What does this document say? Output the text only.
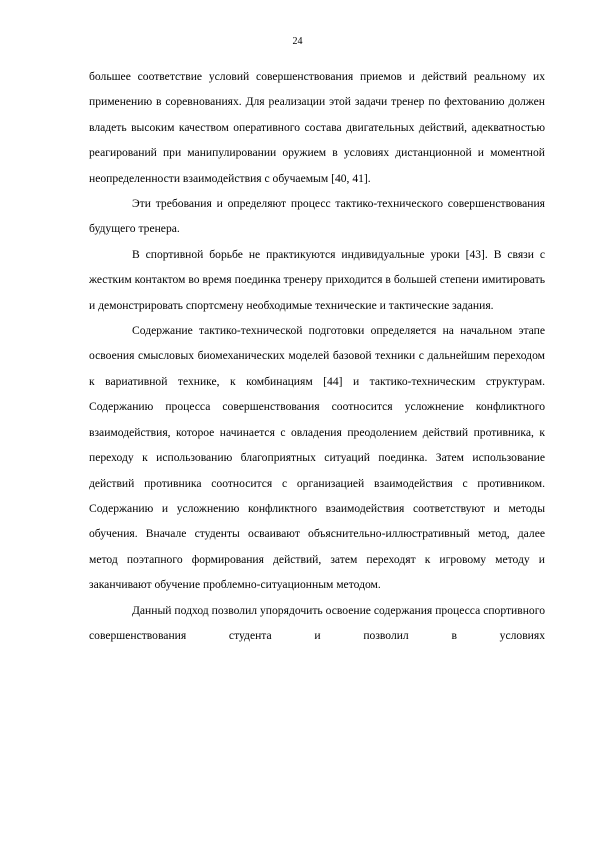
24

большее соответствие условий совершенствования приемов и действий реальному их применению в соревнованиях. Для реализации этой задачи тренер по фехтованию должен владеть высоким качеством оперативного состава двигательных действий, адекватностью реагирований при манипулировании оружием в условиях дистанционной и моментной неопределенности взаимодействия с обучаемым [40, 41].

Эти требования и определяют процесс тактико-технического совершенствования будущего тренера.

В спортивной борьбе не практикуются индивидуальные уроки [43]. В связи с жестким контактом во время поединка тренеру приходится в большей степени имитировать и демонстрировать спортсмену необходимые технические и тактические задания.

Содержание тактико-технической подготовки определяется на начальном этапе освоения смысловых биомеханических моделей базовой техники с дальнейшим переходом к вариативной технике, к комбинациям [44] и тактико-техническим структурам. Содержанию процесса совершенствования соотносится усложнение конфликтного взаимодействия, которое начинается с овладения преодолением действий противника, к переходу к использованию благоприятных ситуаций поединка. Затем использование действий противника соотносится с организацией взаимодействия с противником. Содержанию и усложнению конфликтного взаимодействия соответствуют и методы обучения. Вначале студенты осваивают объяснительно-иллюстративный метод, далее метод поэтапного формирования действий, затем переходят к игровому методу и заканчивают обучение проблемно-ситуационным методом.

Данный подход позволил упорядочить освоение содержания процесса спортивного совершенствования студента и позволил в условиях
